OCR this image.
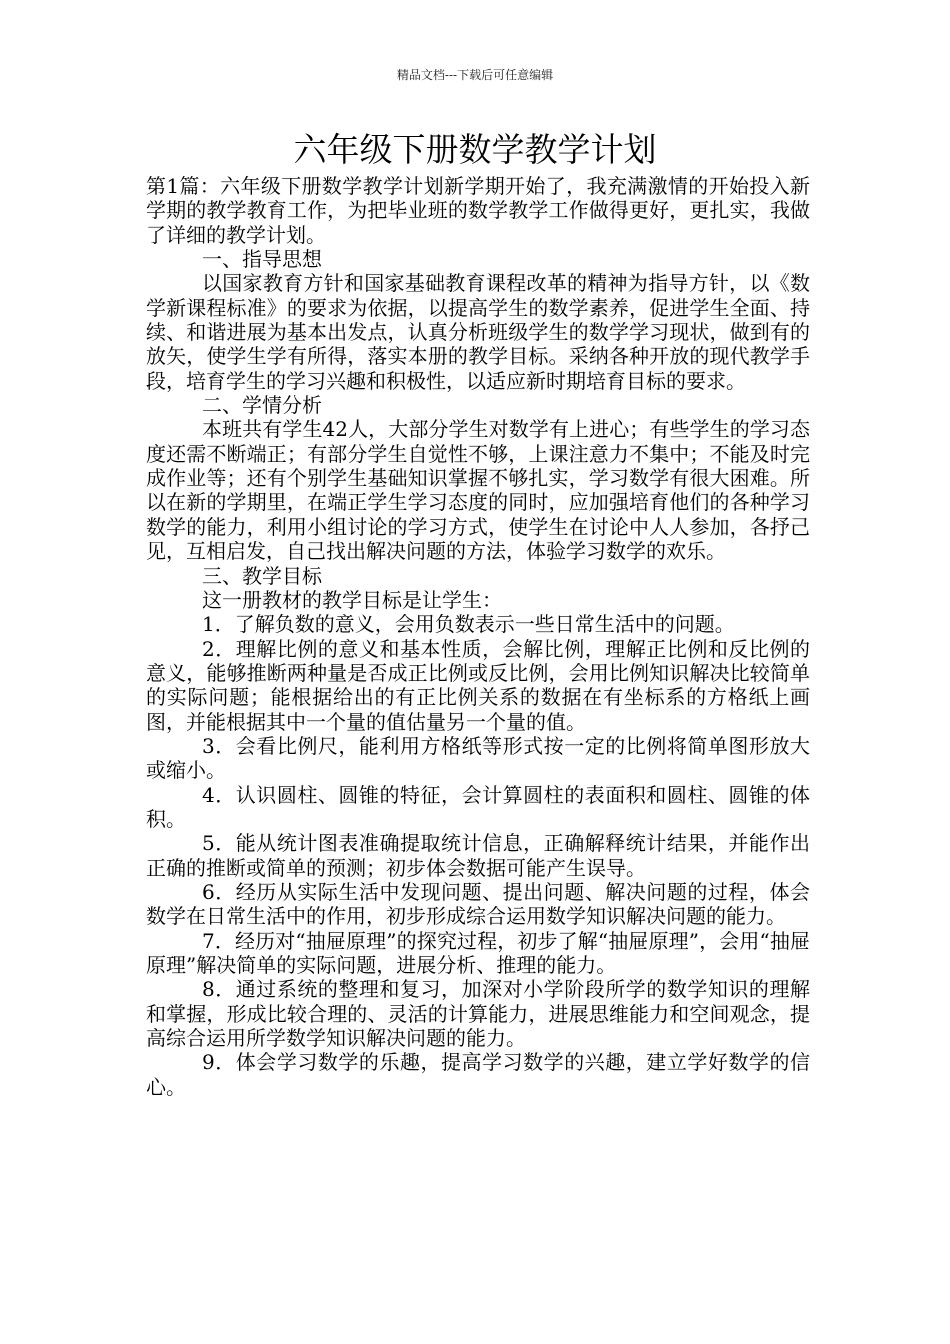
精品文档---下载后可任意编辑
六年级下册数学教学计划

第1篇：六年级下册数学教学计划新学期开始了，我充满激情的开始投入新学期的教学教育工作，为把毕业班的数学教学工作做得更好，更扎实，我做了详细的教学计划。

一、指导思想

以国家教育方针和国家基础教育课程改革的精神为指导方针，以《数学新课程标准》的要求为依据，以提高学生的数学素养，促进学生全面、持续、和谐进展为基本出发点，认真分析班级学生的数学学习现状，做到有的放矢，使学生学有所得，落实本册的教学目标。采纳各种开放的现代教学手段，培育学生的学习兴趣和积极性，以适应新时期培育目标的要求。

二、学情分析

本班共有学生42人，大部分学生对数学有上进心；有些学生的学习态度还需不断端正；有部分学生自觉性不够，上课注意力不集中；不能及时完成作业等；还有个别学生基础知识掌握不够扎实，学习数学有很大困难。所以在新的学期里，在端正学生学习态度的同时，应加强培育他们的各种学习数学的能力，利用小组讨论的学习方式，使学生在讨论中人人参加，各抒己见，互相启发，自己找出解决问题的方法，体验学习数学的欢乐。

三、教学目标

这一册教材的教学目标是让学生：

1．了解负数的意义，会用负数表示一些日常生活中的问题。

2．理解比例的意义和基本性质，会解比例，理解正比例和反比例的意义，能够推断两种量是否成正比例或反比例，会用比例知识解决比较简单的实际问题；能根据给出的有正比例关系的数据在有坐标系的方格纸上画图，并能根据其中一个量的值估量另一个量的值。

3．会看比例尺，能利用方格纸等形式按一定的比例将简单图形放大或缩小。

4．认识圆柱、圆锥的特征，会计算圆柱的表面积和圆柱、圆锥的体积。

5．能从统计图表准确提取统计信息，正确解释统计结果，并能作出正确的推断或简单的预测；初步体会数据可能产生误导。

6．经历从实际生活中发现问题、提出问题、解决问题的过程，体会数学在日常生活中的作用，初步形成综合运用数学知识解决问题的能力。

7．经历对“抽屉原理”的探究过程，初步了解“抽屉原理”，会用“抽屉原理”解决简单的实际问题，进展分析、推理的能力。

8．通过系统的整理和复习，加深对小学阶段所学的数学知识的理解和掌握，形成比较合理的、灵活的计算能力，进展思维能力和空间观念，提高综合运用所学数学知识解决问题的能力。

9．体会学习数学的乐趣，提高学习数学的兴趣，建立学好数学的信心。
